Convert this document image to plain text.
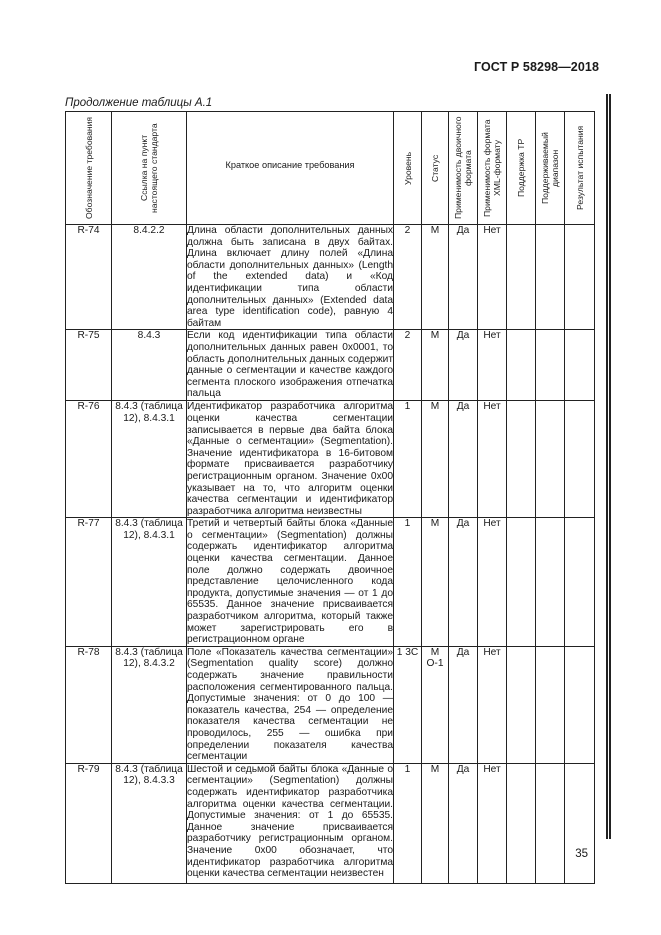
ГОСТ Р 58298—2018
Продолжение таблицы А.1
Обозначение требования	Ссылка на пункт настоящего стандарта	Краткое описание требования	Уровень	Статус	Применимость двоичного формата	Применимость формата XML-формату	Поддержка ТР	Поддерживаемый диапазон	Результат испытания

R-74	8.4.2.2	Длина области дополнительных данных должна быть записана в двух байтах. Длина включает длину полей «Длина области дополнительных данных» (Length of the extended data) и «Код идентификации типа области дополнительных данных» (Extended data area type identification code), равную 4 байтам	2	М	Да	Нет			
R-75	8.4.3	Если код идентификации типа области дополнительных данных равен 0x0001, то область дополнительных данных содержит данные о сегментации и качестве каждого сегмента плоского изображения отпечатка пальца	2	М	Да	Нет			
R-76	8.4.3 (таблица 12), 8.4.3.1	Идентификатор разработчика алгоритма оценки качества сегментации записывается в первые два байта блока «Данные о сегментации» (Segmentation). Значение идентификатора в 16-битовом формате присваивается разработчику регистрационным органом. Значение 0x00 указывает на то, что алгоритм оценки качества сегментации и идентификатор разработчика алгоритма неизвестны	1	М	Да	Нет			
R-77	8.4.3 (таблица 12), 8.4.3.1	Третий и четвертый байты блока «Данные о сегментации» (Segmentation) должны содержать идентификатор алгоритма оценки качества сегментации. Данное поле должно содержать двоичное представление целочисленного кода продукта, допустимые значения — от 1 до 65535. Данное значение присваивается разработчиком алгоритма, который также может зарегистрировать его в регистрационном органе	1	М	Да	Нет			
R-78	8.4.3 (таблица 12), 8.4.3.2	Поле «Показатель качества сегментации» (Segmentation quality score) должно содержать значение правильности расположения сегментированного пальца. Допустимые значения: от 0 до 100 — показатель качества, 254 — определение показателя качества сегментации не проводилось, 255 — ошибка при определении показателя качества сегментации	1 3С	М О-1	Да	Нет			
R-79	8.4.3 (таблица 12), 8.4.3.3	Шестой и седьмой байты блока «Данные о сегментации» (Segmentation) должны содержать идентификатор разработчика алгоритма оценки качества сегментации. Допустимые значения: от 1 до 65535. Данное значение присваивается разработчику регистрационным органом. Значение 0x00 обозначает, что идентификатор разработчика алгоритма оценки качества сегментации неизвестен	1	М	Да	Нет			
35
